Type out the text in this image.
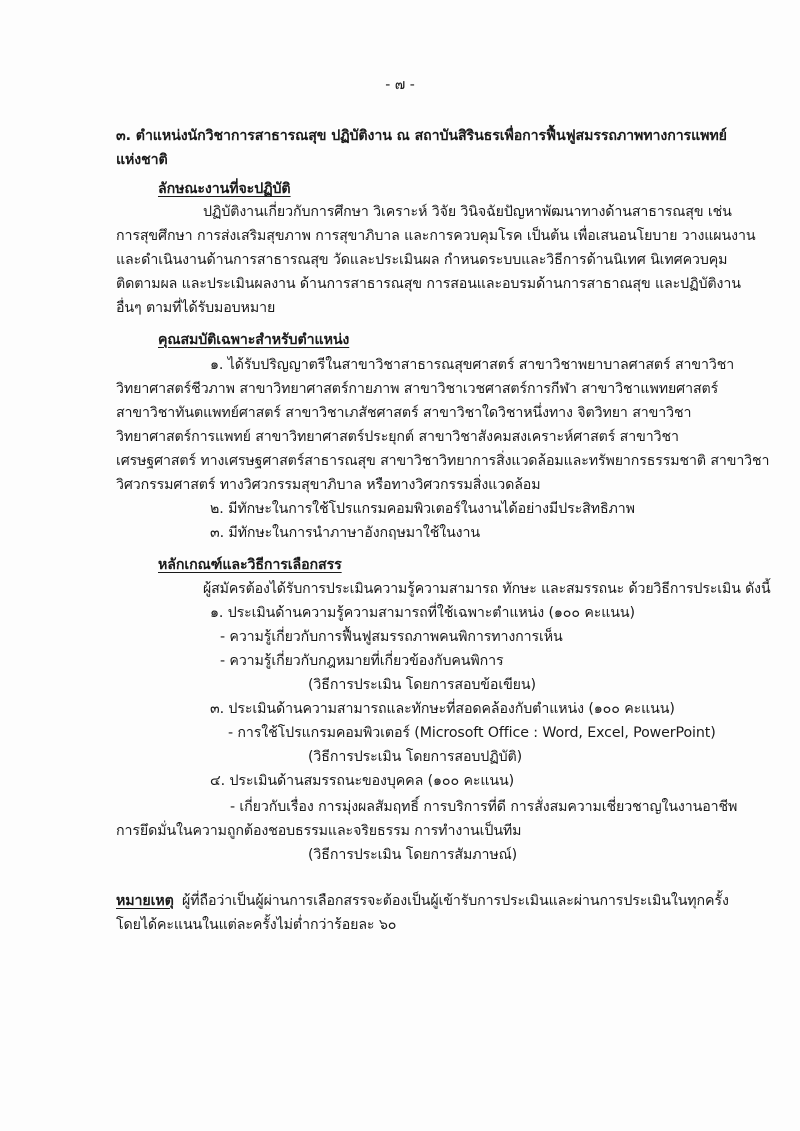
- ๗ -
๓. ตำแหน่งนักวิชาการสาธารณสุข ปฏิบัติงาน ณ สถาบันสิรินธรเพื่อการฟื้นฟูสมรรถภาพทางการแพทย์
แห่งชาติ
ลักษณะงานที่จะปฏิบัติ
ปฏิบัติงานเกี่ยวกับการศึกษา วิเคราะห์ วิจัย วินิจฉัยปัญหาพัฒนาทางด้านสาธารณสุข เช่น
การสุขศึกษา การส่งเสริมสุขภาพ การสุขาภิบาล และการควบคุมโรค เป็นต้น เพื่อเสนอนโยบาย วางแผนงาน
และดำเนินงานด้านการสาธารณสุข วัดและประเมินผล กำหนดระบบและวิธีการด้านนิเทศ นิเทศควบคุม
ติดตามผล และประเมินผลงาน ด้านการสาธารณสุข การสอนและอบรมด้านการสาธาณสุข และปฏิบัติงาน
อื่นๆ ตามที่ได้รับมอบหมาย
คุณสมบัติเฉพาะสำหรับตำแหน่ง
๑. ได้รับปริญญาตรีในสาขาวิชาสาธารณสุขศาสตร์ สาขาวิชาพยาบาลศาสตร์ สาขาวิชา
วิทยาศาสตร์ชีวภาพ สาขาวิทยาศาสตร์กายภาพ สาขาวิชาเวชศาสตร์การกีฬา สาขาวิชาแพทยศาสตร์
สาขาวิชาทันตแพทย์ศาสตร์ สาขาวิชาเภสัชศาสตร์ สาขาวิชาใดวิชาหนึ่งทาง จิตวิทยา สาขาวิชา
วิทยาศาสตร์การแพทย์ สาขาวิทยาศาสตร์ประยุกต์ สาขาวิชาสังคมสงเคราะห์ศาสตร์ สาขาวิชา
เศรษฐศาสตร์ ทางเศรษฐศาสตร์สาธารณสุข สาขาวิชาวิทยาการสิ่งแวดล้อมและทรัพยากรธรรมชาติ สาขาวิชา
วิศวกรรมศาสตร์ ทางวิศวกรรมสุขาภิบาล หรือทางวิศวกรรมสิ่งแวดล้อม
๒. มีทักษะในการใช้โปรแกรมคอมพิวเตอร์ในงานได้อย่างมีประสิทธิภาพ
๓. มีทักษะในการนำภาษาอังกฤษมาใช้ในงาน
หลักเกณฑ์และวิธีการเลือกสรร
ผู้สมัครต้องได้รับการประเมินความรู้ความสามารถ ทักษะ และสมรรถนะ ด้วยวิธีการประเมิน ดังนี้
๑. ประเมินด้านความรู้ความสามารถที่ใช้เฉพาะตำแหน่ง (๑๐๐ คะแนน)
- ความรู้เกี่ยวกับการฟื้นฟูสมรรถภาพคนพิการทางการเห็น
- ความรู้เกี่ยวกับกฎหมายที่เกี่ยวข้องกับคนพิการ
(วิธีการประเมิน โดยการสอบข้อเขียน)
๓. ประเมินด้านความสามารถและทักษะที่สอดคล้องกับตำแหน่ง (๑๐๐ คะแนน)
- การใช้โปรแกรมคอมพิวเตอร์ (Microsoft Office : Word, Excel, PowerPoint)
(วิธีการประเมิน โดยการสอบปฏิบัติ)
๔. ประเมินด้านสมรรถนะของบุคคล (๑๐๐ คะแนน)
- เกี่ยวกับเรื่อง การมุ่งผลสัมฤทธิ์ การบริการที่ดี การสั่งสมความเชี่ยวชาญในงานอาชีพ
การยึดมั่นในความถูกต้องชอบธรรมและจริยธรรม การทำงานเป็นทีม
(วิธีการประเมิน โดยการสัมภาษณ์)
หมายเหตุ ผู้ที่ถือว่าเป็นผู้ผ่านการเลือกสรรจะต้องเป็นผู้เข้ารับการประเมินและผ่านการประเมินในทุกครั้ง
โดยได้คะแนนในแต่ละครั้งไม่ต่ำกว่าร้อยละ ๖๐
